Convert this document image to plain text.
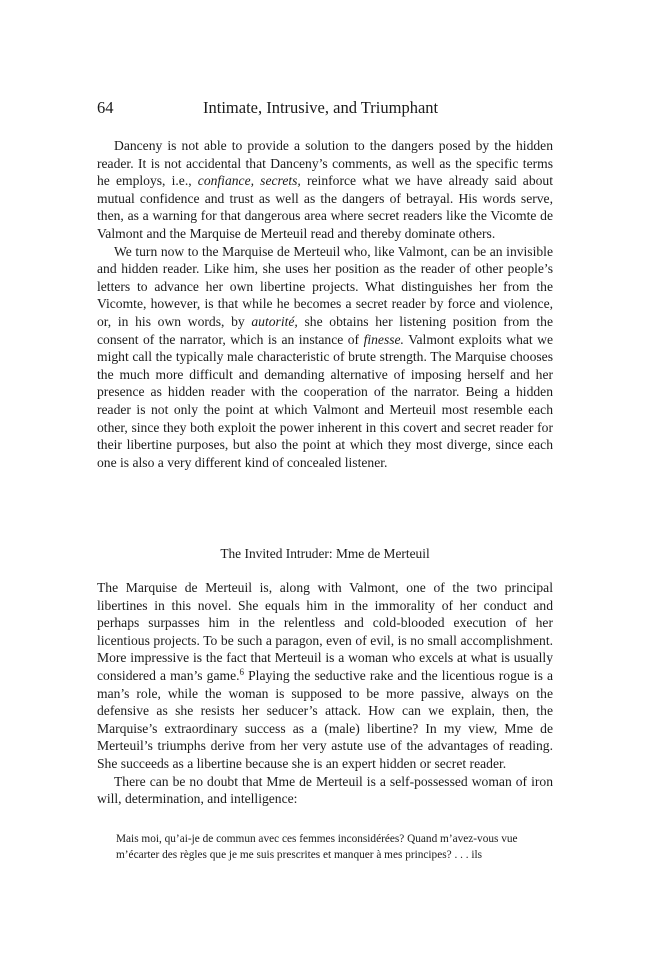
64	Intimate, Intrusive, and Triumphant

Danceny is not able to provide a solution to the dangers posed by the hidden reader. It is not accidental that Danceny’s comments, as well as the specific terms he employs, i.e., confiance, secrets, reinforce what we have already said about mutual confidence and trust as well as the dangers of betrayal. His words serve, then, as a warning for that dangerous area where secret readers like the Vicomte de Valmont and the Marquise de Merteuil read and thereby dominate others.

We turn now to the Marquise de Merteuil who, like Valmont, can be an invisible and hidden reader. Like him, she uses her position as the reader of other people’s letters to advance her own libertine projects. What distinguishes her from the Vicomte, however, is that while he becomes a secret reader by force and violence, or, in his own words, by autorité, she obtains her listening position from the consent of the narrator, which is an instance of finesse. Valmont exploits what we might call the typically male characteristic of brute strength. The Marquise chooses the much more difficult and demanding alternative of imposing herself and her presence as hidden reader with the cooperation of the narrator. Being a hidden reader is not only the point at which Valmont and Merteuil most resemble each other, since they both exploit the power inherent in this covert and secret reader for their libertine purposes, but also the point at which they most diverge, since each one is also a very different kind of concealed listener.

The Invited Intruder: Mme de Merteuil

The Marquise de Merteuil is, along with Valmont, one of the two principal libertines in this novel. She equals him in the immorality of her conduct and perhaps surpasses him in the relentless and cold-blooded execution of her licentious projects. To be such a paragon, even of evil, is no small accomplishment. More impressive is the fact that Merteuil is a woman who excels at what is usually considered a man’s game.$^6$ Playing the seductive rake and the licentious rogue is a man’s role, while the woman is supposed to be more passive, always on the defensive as she resists her seducer’s attack. How can we explain, then, the Marquise’s extraordinary success as a (male) libertine? In my view, Mme de Merteuil’s triumphs derive from her very astute use of the advantages of reading. She succeeds as a libertine because she is an expert hidden or secret reader.

There can be no doubt that Mme de Merteuil is a self-possessed woman of iron will, determination, and intelligence:

Mais moi, qu’ai-je de commun avec ces femmes inconsidérées? Quand m’avez-vous vue m’écarter des règles que je me suis prescrites et manquer à mes principes? . . . ils
